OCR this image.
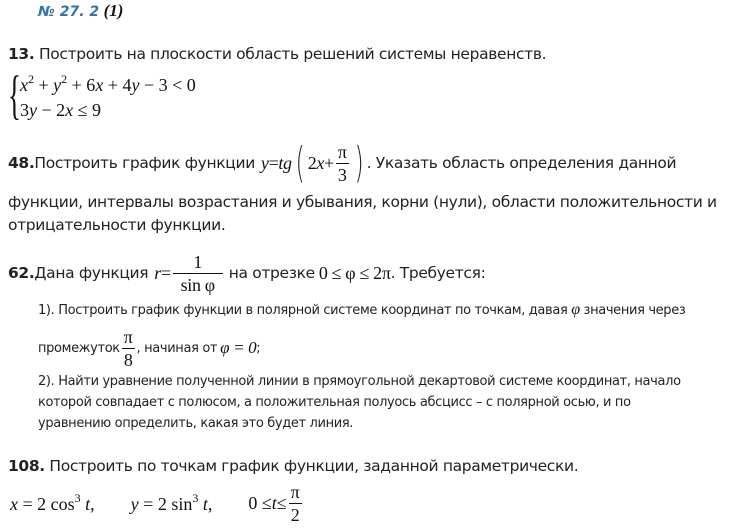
№ 27. 2 (1)
13. Построить на плоскости область решений системы неравенств.
{ $x^2 + y^2 + 6x + 4y - 3 < 0$
3y − 2x ≤ 9
48. Построить график функции y = tg ( 2 $x + \frac{\pi}{3}$ ) . Указать область определения данной
функции, интервалы возрастания и убывания, корни (нули), области положительности и
отрицательности функции.
62. Дана функция $r = \frac{1}{\text{sin φ}}$ на отрезке 0 ≤ φ ≤ 2π . Требуется:
1). Построить график функции в полярной системе координат по точкам, давая φ значения через
промежуток $\frac{\pi}{8}$ , начиная от φ = 0 ;
2). Найти уравнение полученной линии в прямоугольной декартовой системе координат, начало
которой совпадает с полюсом, а положительная полуось абсцисс – с полярной осью, и по
уравнению определить, какая это будет линия.
108. Построить по точкам график функции, заданной параметрически.
x = 2 $\cos^3 t$, y = 2 $\sin^3 t$, $0 \le t \le \frac{\pi}{2}$
